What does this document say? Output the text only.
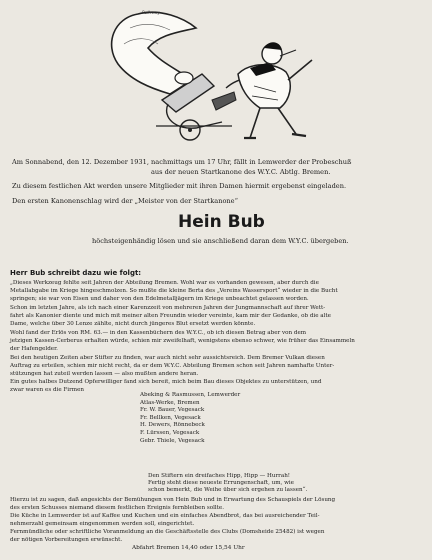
Rolleway
Am Sonnabend, den 12. Dezember 1931, nachmittags um 17 Uhr, fällt in Lemwerder der Probeschuß
aus der neuen Startkanone des W.Y.C. Abtlg. Bremen.
Zu diesem festlichen Akt werden unsere Mitglieder mit ihren Damen hiermit ergebenst eingeladen.
Den ersten Kanonenschlag wird der „Meister von der Startkanone“
Hein Bub
höchsteigenhändig lösen und sie anschließend daran dem W.Y.C. übergeben.
Herr Bub schreibt dazu wie folgt:
„Dieses Werkzeug fehlte seit Jahren der Abteilung Bremen. Wohl war es vorhanden gewesen, aber durch die
Metallabgabe im Kriege hingeschmolzen. So mußte die kleine Berta des „Vereins Wassersport“ wieder in die Bucht
springen; sie war von Eisen und daher von den Edelmetalljägern im Kriege unbeachtet gelassen worden.
Schon im letzten Jahre, als ich nach einer Karenzzeit von mehreren Jahren der Jungmannschaft auf ihrer Wett-
fahrt als Kanonier diente und mich mit meiner alten Freundin wieder vereinte, kam mir der Gedanke, ob die alte
Dame, welche über 30 Lenze zählte, nicht durch jüngeres Blut ersetzt werden könnte.
Wohl fand der Erlös von RM. 63.— in den Kassenbüchern des W.Y.C., ob ich diesen Betrag aber von dem
jetzigen Kassen-Cerberus erhalten würde, schien mir zweifelhaft, wenigstens ebenso schwer, wie früher das Einsammeln
der Hafengelder.
Bei den heutigen Zeiten aber Stifter zu finden, war auch nicht sehr aussichtsreich. Dem Bremer Vulkan diesen
Auftrag zu erteilen, schien mir nicht recht, da er dem W.Y.C. Abteilung Bremen schon seit Jahren namhafte Unter-
stützungen hat zuteil werden lassen — also mußten andere heran.
Ein gutes halbes Dutzend Opferwilliger fand sich bereit, mich beim Bau dieses Objektes zu unterstützen, und
zwar waren es die Firmen
Abeking & Rasmussen, Lemwerder
Atlas-Werke, Bremen
Fr. W. Bauer, Vegesack
Fr. Bellken, Vegesack
H. Dewers, Rönnebeck
F. Lürssen, Vegesack
Gebr. Thiele, Vegesack
Den Stiftern ein dreifaches Hipp, Hipp — Hurrah!
Fertig steht diese neueste Errungenschaft, um, wie
schon bemerkt, die Weihe über sich ergehen zu lassen“.
Hierzu ist zu sagen, daß angesichts der Bemühungen von Hein Bub und in Erwartung des Schauspiels der Lösung
des ersten Schusses niemand diesem festlichen Ereignis fernbleiben sollte.
Die Küche in Lemwerder ist auf Kaffee und Kuchen und ein einfaches Abendbrot, das bei ausreichender Teil-
nehmerzahl gemeinsam eingenommen werden soll, eingerichtet.
Fernmündliche oder schriftliche Voranmeldung an die Geschäftsstelle des Clubs (Domsheide 25482) ist wegen
der nötigen Vorbereitungen erwünscht.
Abfahrt Bremen 14,40 oder 15,54 Uhr
